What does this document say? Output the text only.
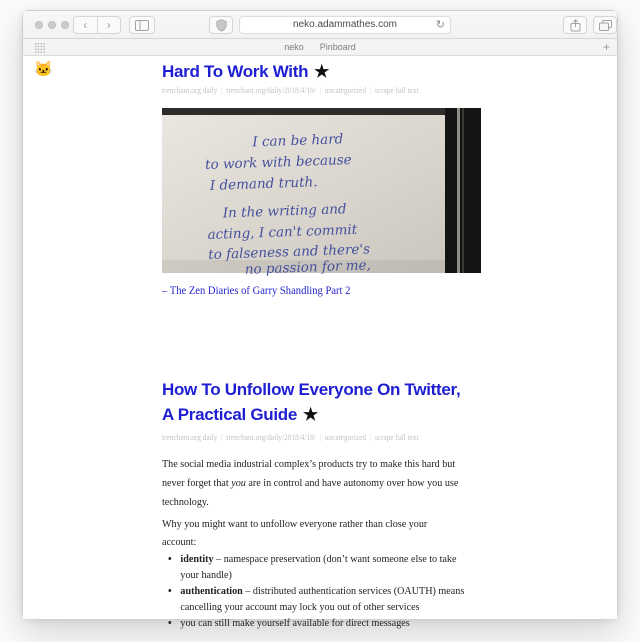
‹	›	neko.adammathes.com	↻
neko Pinboard	+
🐱	Hard To Work With ★
trenchant.org daily | trenchant.org/daily/2018/4/19/ | uncategorized | scrape full text
I can be hard
to work with because
I demand truth.
In the writing and
acting, I can't commit
to falseness and there's
no passion for me,
– The Zen Diaries of Garry Shandling Part 2
How To Unfollow Everyone On Twitter,
A Practical Guide ★
trenchant.org daily | trenchant.org/daily/2018/4/18/ | uncategorized | scrape full text
The social media industrial complex’s products try to make this hard but
never forget that you are in control and have autonomy over how you use
technology.
Why you might want to unfollow everyone rather than close your
account:
• identity – namespace preservation (don’t want someone else to take
your handle)
• authentication – distributed authentication services (OAUTH) means
cancelling your account may lock you out of other services
• you can still make yourself available for direct messages
